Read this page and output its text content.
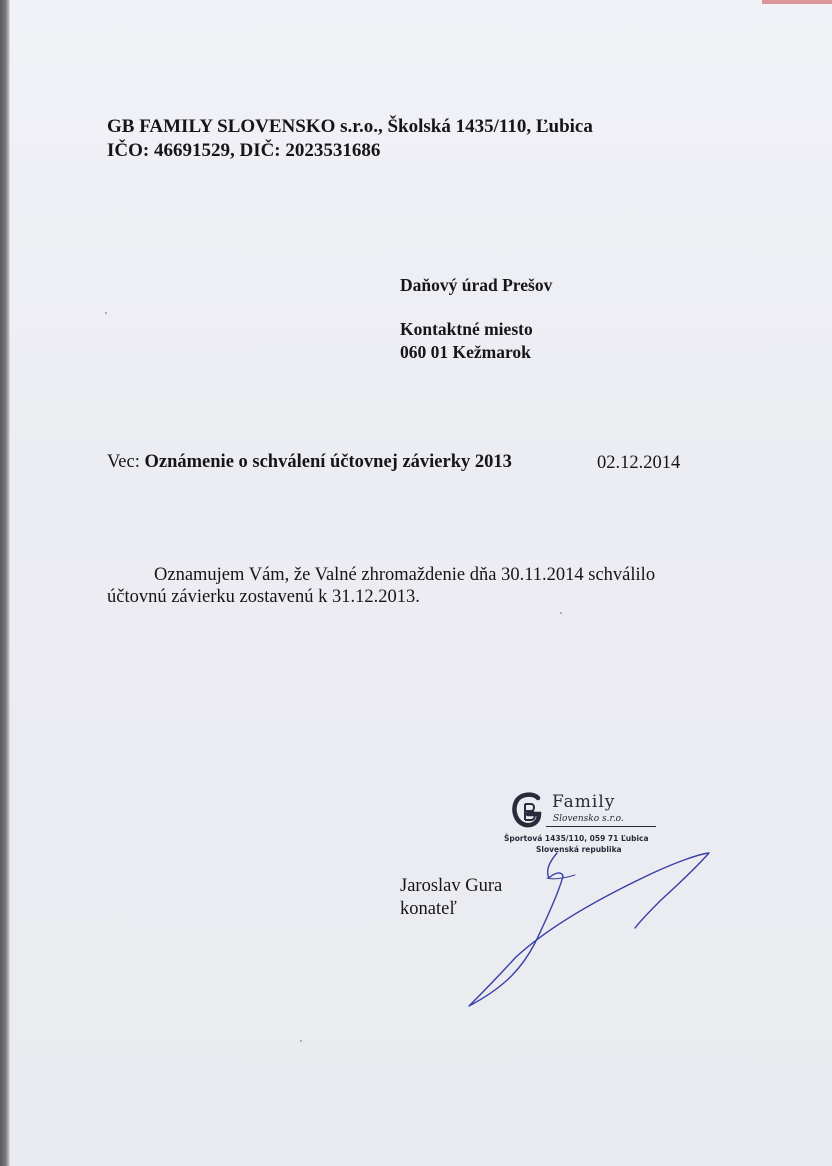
GB FAMILY SLOVENSKO s.r.o., Školská 1435/110, Ľubica

IČO: 46691529, DIČ: 2023531686

Daňový úrad Prešov

Kontaktné miesto

060 01 Kežmarok

Vec: Oznámenie o schválení účtovnej závierky 2013	02.12.2014

Oznamujem Vám, že Valné zhromaždenie dňa 30.11.2014 schválilo

účtovnú závierku zostavenú k 31.12.2013.

Family
Slovensko s.r.o.
Športová 1435/110, 059 71 Ľubica
Slovenská republika

Jaroslav Gura

konateľ
